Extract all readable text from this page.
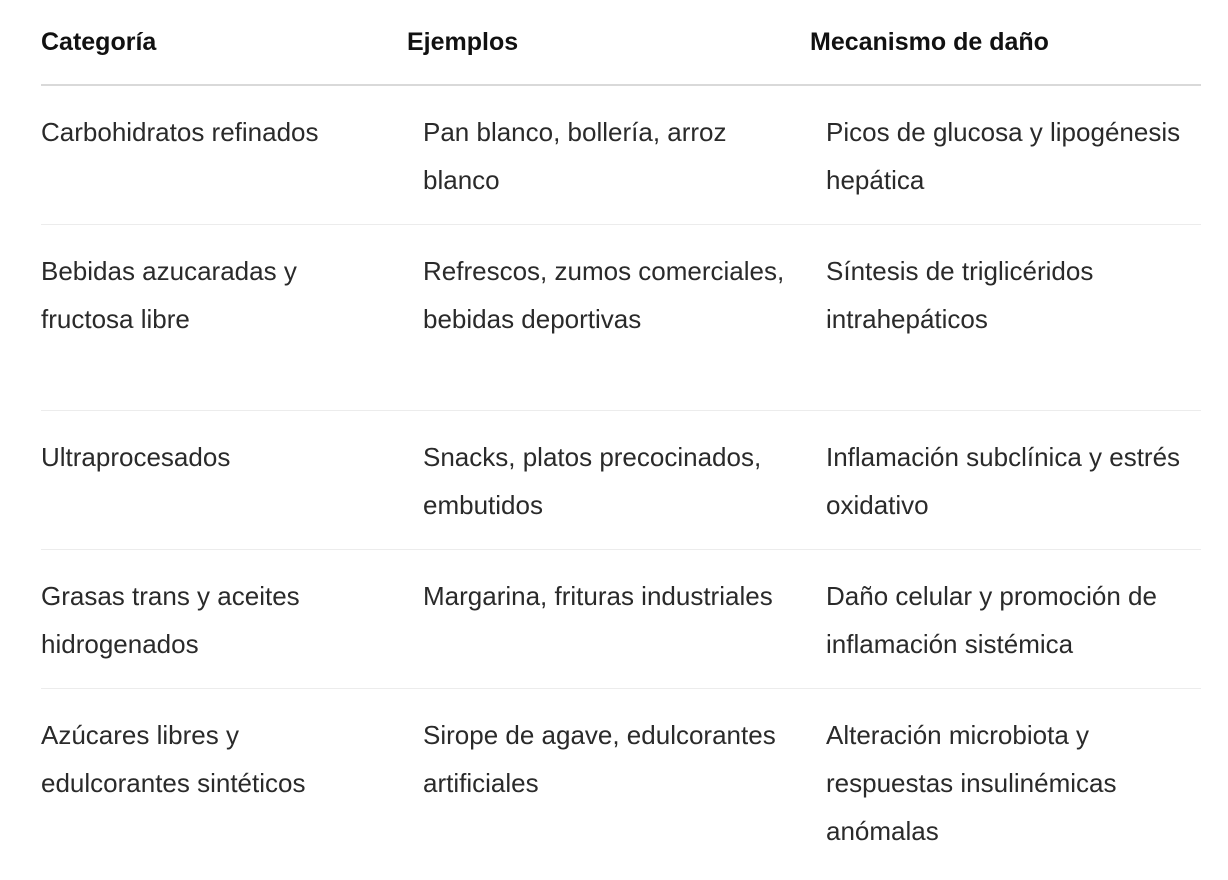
Categoría	Ejemplos	Mecanismo de daño
Carbohidratos refinados	Pan blanco, bollería, arroz blanco	Picos de glucosa y lipogénesis hepática
Bebidas azucaradas y fructosa libre	Refrescos, zumos comerciales, bebidas deportivas	Síntesis de triglicéridos intrahepáticos
Ultraprocesados	Snacks, platos precocinados, embutidos	Inflamación subclínica y estrés oxidativo
Grasas trans y aceites hidrogenados	Margarina, frituras industriales	Daño celular y promoción de inflamación sistémica
Azúcares libres y edulcorantes sintéticos	Sirope de agave, edulcorantes artificiales	Alteración microbiota y respuestas insulinémicas anómalas
